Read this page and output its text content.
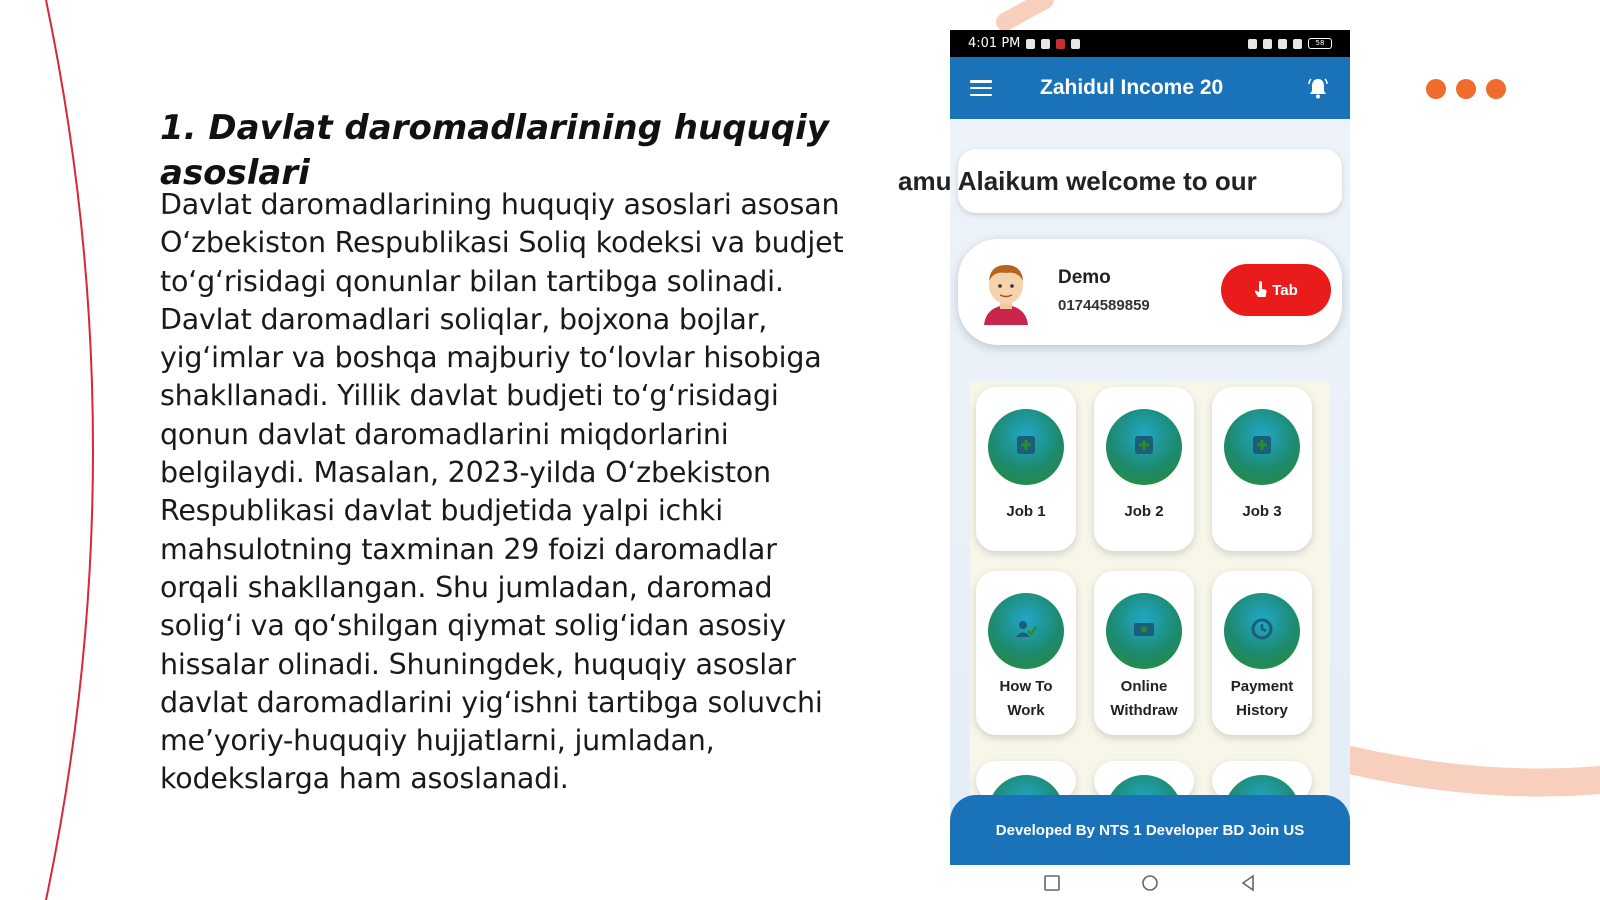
1. Davlat daromadlarining huquqiy asoslari
Davlat daromadlarining huquqiy asoslari asosan O‘zbekiston Respublikasi Soliq kodeksi va budjet to‘g‘risidagi qonunlar bilan tartibga solinadi. Davlat daromadlari soliqlar, bojxona bojlar, yig‘imlar va boshqa majburiy to‘lovlar hisobiga shakllanadi. Yillik davlat budjeti to‘g‘risidagi qonun davlat daromadlarini miqdorlarini belgilaydi. Masalan, 2023-yilda O‘zbekiston Respublikasi davlat budjetida yalpi ichki mahsulotning taxminan 29 foizi daromadlar orqali shakllangan. Shu jumladan, daromad solig‘i va qo‘shilgan qiymat solig‘idan asosiy hissalar olinadi. Shuningdek, huquqiy asoslar davlat daromadlarini yig‘ishni tartibga soluvchi me’yoriy-huquqiy hujjatlarni, jumladan, kodekslarga ham asoslanadi.
4:01 PM	58
Zahidul Income 20
amu Alaikum welcome to our
Demo
01744589859
Tab
Job 1	Job 2	Job 3
How To
Work
Online
Withdraw
Payment
History
Developed By NTS 1 Developer BD Join US
